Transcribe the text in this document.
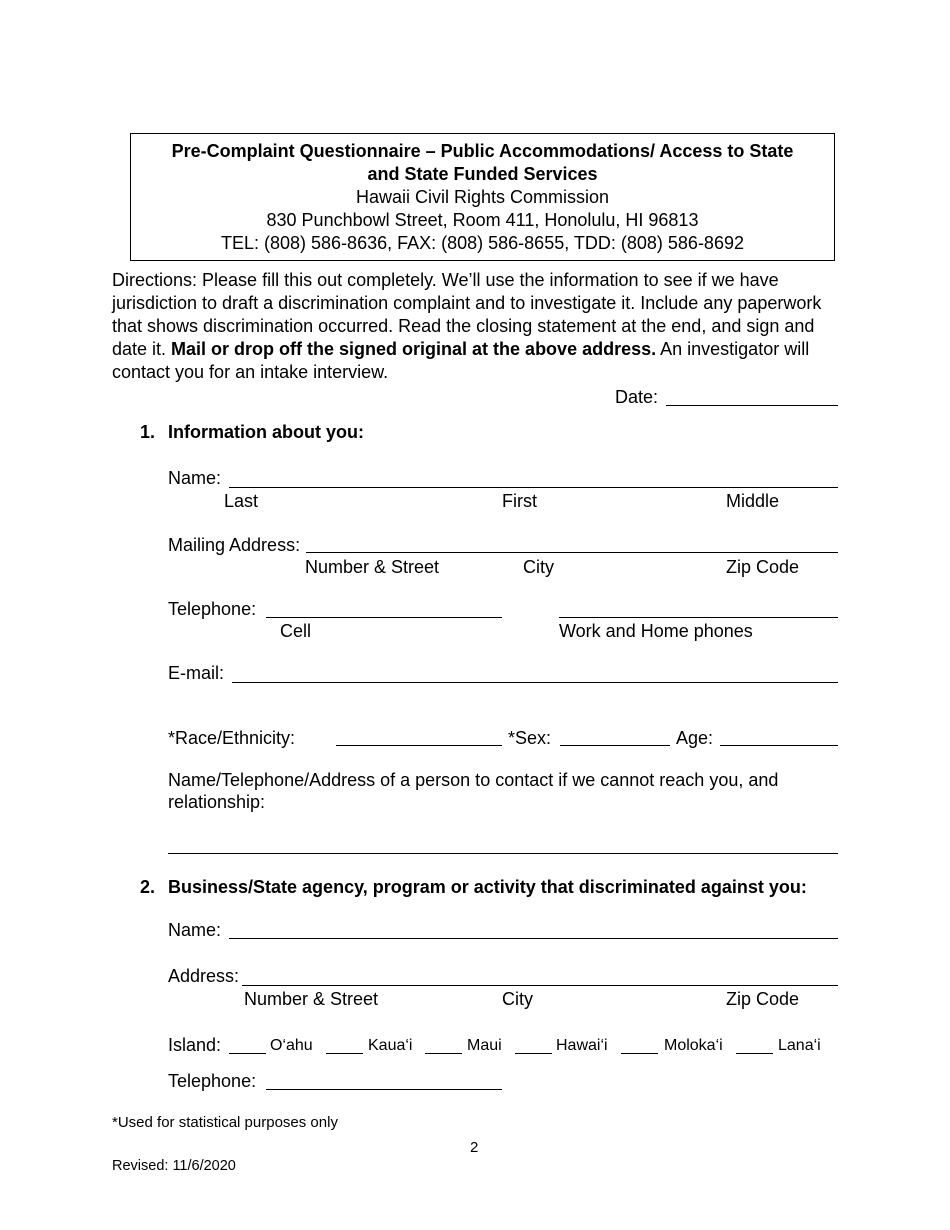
Pre-Complaint Questionnaire – Public Accommodations/ Access to State
and State Funded Services
Hawaii Civil Rights Commission
830 Punchbowl Street, Room 411, Honolulu, HI 96813
TEL: (808) 586-8636, FAX: (808) 586-8655, TDD: (808) 586-8692
Directions: Please fill this out completely. We’ll use the information to see if we have jurisdiction to draft a discrimination complaint and to investigate it. Include any paperwork that shows discrimination occurred. Read the closing statement at the end, and sign and date it. Mail or drop off the signed original at the above address. An investigator will contact you for an intake interview.
Date:
1. Information about you:
Name:
Last	First	Middle
Mailing Address:
Number & Street	City	Zip Code
Telephone:
Cell	Work and Home phones
E-mail:
*Race/Ethnicity:	*Sex:	Age:
Name/Telephone/Address of a person to contact if we cannot reach you, and
relationship:
2. Business/State agency, program or activity that discriminated against you:
Name:
Address:
Number & Street	City	Zip Code
Island:	O‘ahu	Kaua‘i	Maui	Hawai‘i	Moloka‘i	Lana‘i
Telephone:
*Used for statistical purposes only
2
Revised: 11/6/2020
